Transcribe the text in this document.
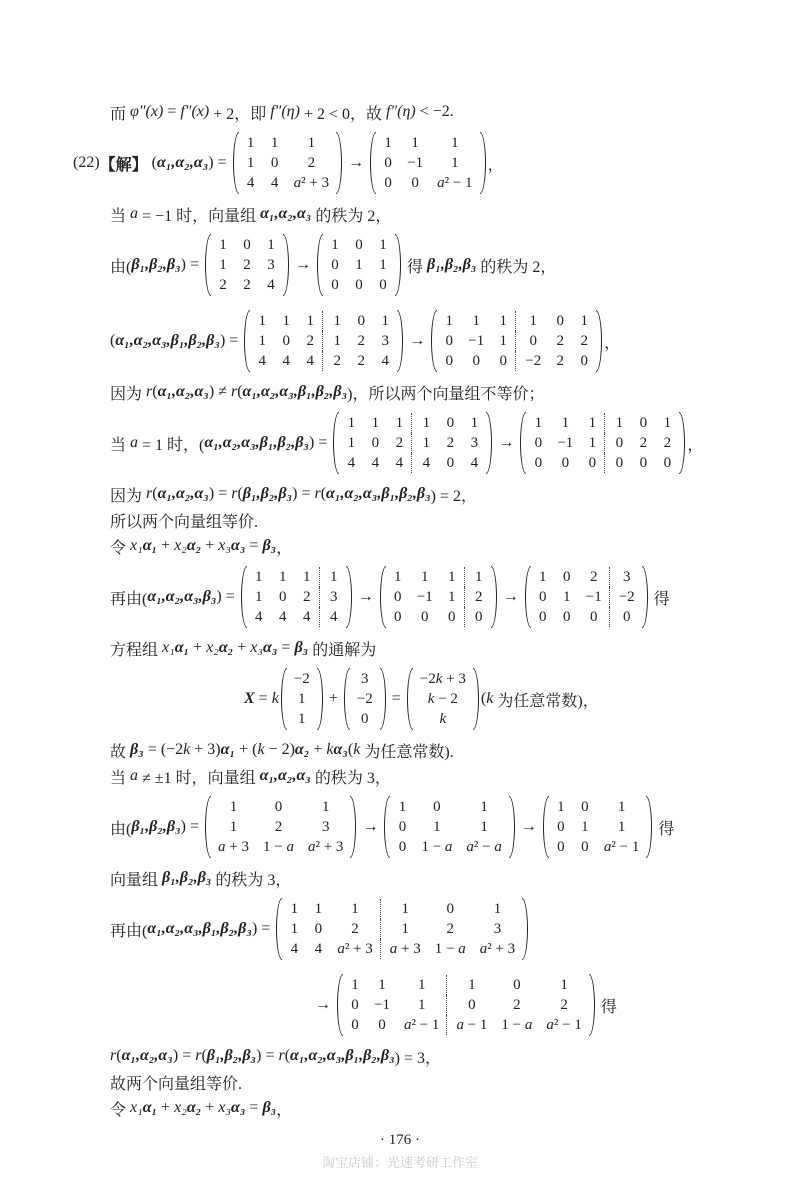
而 φ″(x) = f″(x) + 2，即 f″(η) + 2 < 0，故 f″(η) < −2.
(22) 【解】 ( α₁,α₂,α₃ ) =
1	1	1
1	0	2
4	4	a² + 3
→
1	1	1
0	−1	1
0	0	a² − 1
，
当 a = −1 时，向量组 α₁,α₂,α₃ 的秩为 2，
由( β₁,β₂,β₃ ) =
1	0	1
1	2	3
2	2	4
→
1	0	1
0	1	1
0	0	0
得 β₁,β₂,β₃ 的秩为 2，
( α₁,α₂,α₃,β₁,β₂,β₃ ) =
1	1	1	1	0	1
1	0	2	1	2	3
4	4	4	2	2	4
→
1	1	1	1	0	1
0	−1	1	0	2	2
0	0	0	−2	2	0
，
因为 r ( α₁,α₂,α₃ ) ≠ r ( α₁,α₂,α₃,β₁,β₂,β₃ )，所以两个向量组不等价；
当 a = 1 时，( α₁,α₂,α₃,β₁,β₂,β₃ ) =
1	1	1	1	0	1
1	0	2	1	2	3
4	4	4	4	0	4
→
1	1	1	1	0	1
0	−1	1	0	2	2
0	0	0	0	0	0
，
因为 r ( α₁,α₂,α₃ ) = r ( β₁,β₂,β₃ ) = r ( α₁,α₂,α₃,β₁,β₂,β₃ ) = 2，
所以两个向量组等价.
令 x₁ α₁ + x₂ α₂ + x₃ α₃ = β₃ ，
再由( α₁,α₂,α₃,β₃ ) =
1	1	1	1
1	0	2	3
4	4	4	4
→
1	1	1	1
0	−1	1	2
0	0	0	0
→
1	0	2	3
0	1	−1	−2
0	0	0	0
得
方程组 x₁ α₁ + x₂ α₂ + x₃ α₃ = β₃ 的通解为
X = k
−2
1
1
+
3
−2
0
=
−2k + 3
k − 2
k
( k 为任意常数)，
故 β₃ = (−2 k + 3) α₁ + ( k − 2) α₂ + k α₃ ( k 为任意常数).
当 a ≠ ±1 时，向量组 α₁,α₂,α₃ 的秩为 3，
由( β₁,β₂,β₃ ) =
1	0	1
1	2	3
a + 3	1 − a	a² + 3
→
1	0	1
0	1	1
0	1 − a	a² − a
→
1	0	1
0	1	1
0	0	a² − 1
得
向量组 β₁,β₂,β₃ 的秩为 3，
再由( α₁,α₂,α₃,β₁,β₂,β₃ ) =
1	1	1	1	0	1
1	0	2	1	2	3
4	4	a² + 3	a + 3	1 − a	a² + 3
→
1	1	1	1	0	1
0	−1	1	0	2	2
0	0	a² − 1	a − 1	1 − a	a² − 1
得
r ( α₁,α₂,α₃ ) = r ( β₁,β₂,β₃ ) = r ( α₁,α₂,α₃,β₁,β₂,β₃ ) = 3，
故两个向量组等价.
令 x₁ α₁ + x₂ α₂ + x₃ α₃ = β₃ ，
· 176 ·
淘宝店铺：光速考研工作室
